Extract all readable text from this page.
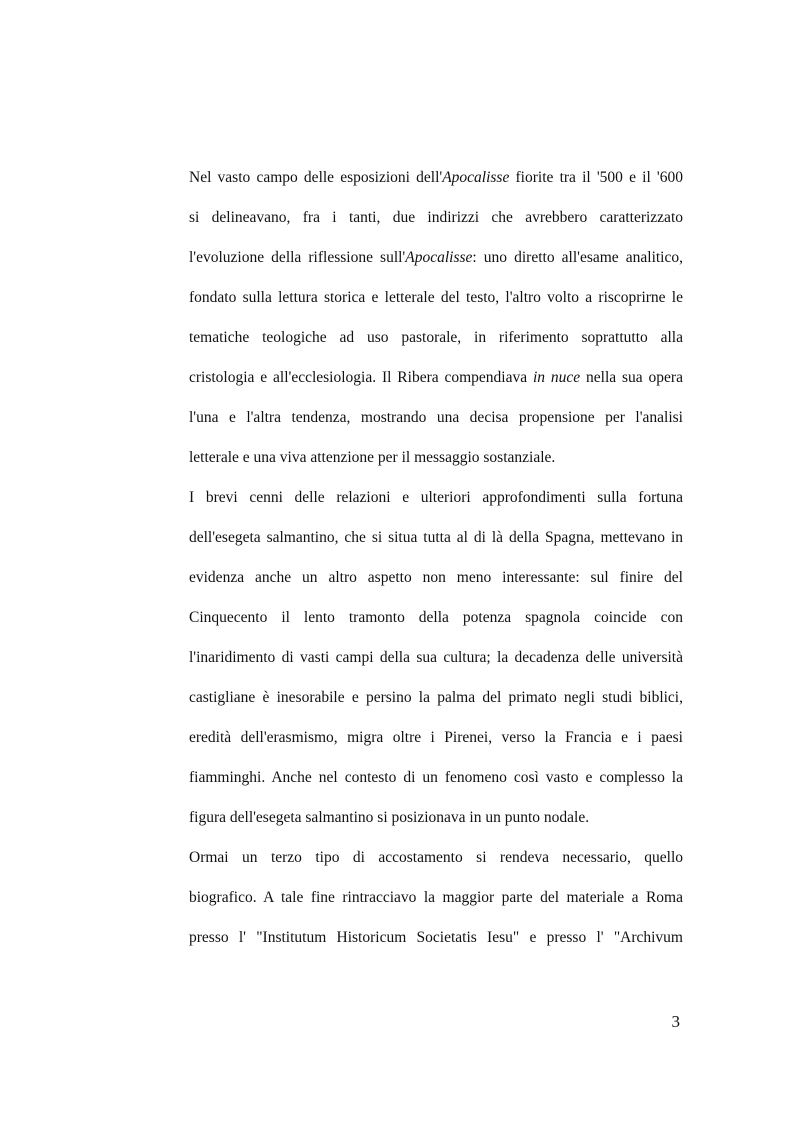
Nel vasto campo delle esposizioni dell'Apocalisse fiorite tra il '500 e il '600
si delineavano, fra i tanti, due indirizzi che avrebbero caratterizzato
l'evoluzione della riflessione sull'Apocalisse: uno diretto all'esame analitico,
fondato sulla lettura storica e letterale del testo, l'altro volto a riscoprirne le
tematiche teologiche ad uso pastorale, in riferimento soprattutto alla
cristologia e all'ecclesiologia. Il Ribera compendiava in nuce nella sua opera
l'una e l'altra tendenza, mostrando una decisa propensione per l'analisi
letterale e una viva attenzione per il messaggio sostanziale.
I brevi cenni delle relazioni e ulteriori approfondimenti sulla fortuna
dell'esegeta salmantino, che si situa tutta al di là della Spagna, mettevano in
evidenza anche un altro aspetto non meno interessante: sul finire del
Cinquecento il lento tramonto della potenza spagnola coincide con
l'inaridimento di vasti campi della sua cultura; la decadenza delle università
castigliane è inesorabile e persino la palma del primato negli studi biblici,
eredità dell'erasmismo, migra oltre i Pirenei, verso la Francia e i paesi
fiamminghi. Anche nel contesto di un fenomeno così vasto e complesso la
figura dell'esegeta salmantino si posizionava in un punto nodale.
Ormai un terzo tipo di accostamento si rendeva necessario, quello
biografico. A tale fine rintracciavo la maggior parte del materiale a Roma
presso l' "Institutum Historicum Societatis Iesu" e presso l' "Archivum
3
